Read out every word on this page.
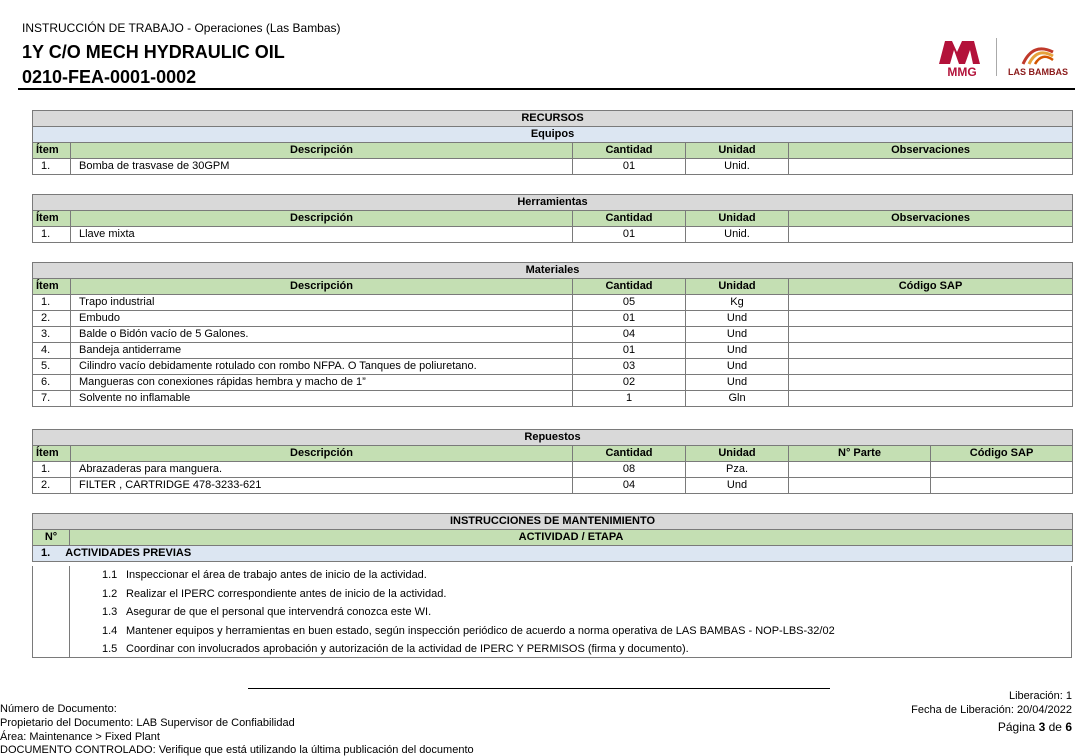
INSTRUCCIÓN DE TRABAJO - Operaciones (Las Bambas)
1Y C/O MECH HYDRAULIC OIL
0210-FEA-0001-0002	MMG	LAS BAMBAS
RECURSOS				
Equipos				
Ítem	Descripción	Cantidad	Unidad	Observaciones
1.	Bomba de trasvase de 30GPM	01	Unid.	
Herramientas				
Ítem	Descripción	Cantidad	Unidad	Observaciones
1.	Llave mixta	01	Unid.	
Materiales				
Ítem	Descripción	Cantidad	Unidad	Código SAP
1.	Trapo industrial	05	Kg	
2.	Embudo	01	Und	
3.	Balde o Bidón vacío de 5 Galones.	04	Und	
4.	Bandeja antiderrame	01	Und	
5.	Cilindro vacío debidamente rotulado con rombo NFPA. O Tanques de poliuretano.	03	Und	
6.	Mangueras con conexiones rápidas hembra y macho de 1”	02	Und	
7.	Solvente no inflamable	1	Gln	
Repuestos					
Ítem	Descripción	Cantidad	Unidad	N° Parte	Código SAP
1.	Abrazaderas para manguera.	08	Pza.		
2.	FILTER , CARTRIDGE 478-3233-621	04	Und		
INSTRUCCIONES DE MANTENIMIENTO
N°	ACTIVIDAD / ETAPA
1. ACTIVIDADES PREVIAS
1.1 Inspeccionar el área de trabajo antes de inicio de la actividad.
1.2 Realizar el IPERC correspondiente antes de inicio de la actividad.
1.3 Asegurar de que el personal que intervendrá conozca este WI.
1.4 Mantener equipos y herramientas en buen estado, según inspección periódico de acuerdo a norma operativa de LAS BAMBAS - NOP-LBS-32/02
1.5 Coordinar con involucrados aprobación y autorización de la actividad de IPERC Y PERMISOS (firma y documento).
Número de Documento:
Propietario del Documento: LAB Supervisor de Confiabilidad
Área: Maintenance > Fixed Plant
DOCUMENTO CONTROLADO: Verifique que está utilizando la última publicación del documento
Liberación: 1
Fecha de Liberación: 20/04/2022
Página 3 de 6
